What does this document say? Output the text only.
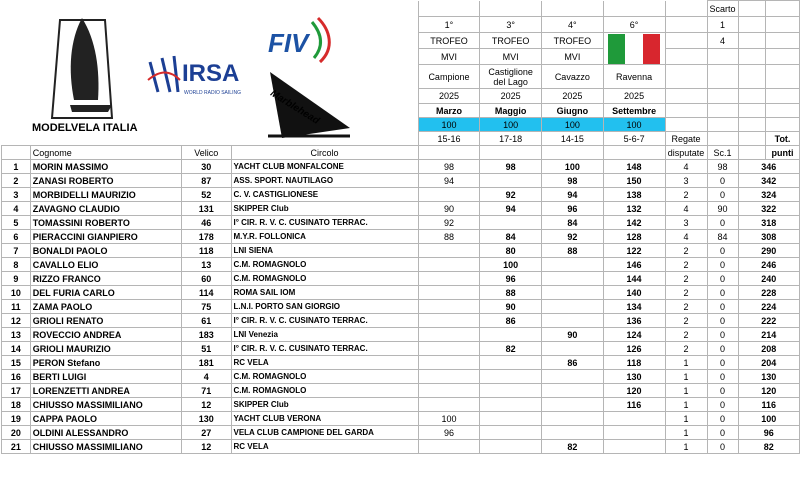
									Scarto		
				1°	3°	4°	6°		1		
				TROFEO	TROFEO	TROFEO			4		
				MVI	MVI	MVI					
				Campione	Castiglione del Lago	Cavazzo	Ravenna				
				2025	2025	2025	2025				
				Marzo	Maggio	Giugno	Settembre				
				100	100	100	100				
				15-16	17-18	14-15	5-6-7	Regate			Tot.
	Cognome	Velico	Circolo					disputate	Sc.1		punti
1	MORIN MASSIMO	30	YACHT CLUB MONFALCONE	98	98	100	148	4	98	346	
2	ZANASI ROBERTO	87	ASS. SPORT. NAUTILAGO	94		98	150	3	0	342	
3	MORBIDELLI MAURIZIO	52	C. V. CASTIGLIONESE		92	94	138	2	0	324	
4	ZAVAGNO CLAUDIO	131	SKIPPER Club	90	94	96	132	4	90	322	
5	TOMASSINI ROBERTO	46	I° CIR. R. V. C. CUSINATO TERRAC.	92		84	142	3	0	318	
6	PIERACCINI GIANPIERO	178	M.Y.R. FOLLONICA	88	84	92	128	4	84	308	
7	BONALDI PAOLO	118	LNI SIENA		80	88	122	2	0	290	
8	CAVALLO ELIO	13	C.M. ROMAGNOLO		100		146	2	0	246	
9	RIZZO FRANCO	60	C.M. ROMAGNOLO		96		144	2	0	240	
10	DEL FURIA CARLO	114	ROMA SAIL IOM		88		140	2	0	228	
11	ZAMA PAOLO	75	L.N.I. PORTO SAN GIORGIO		90		134	2	0	224	
12	GRIOLI RENATO	61	I° CIR. R. V. C. CUSINATO TERRAC.		86		136	2	0	222	
13	ROVECCIO ANDREA	183	LNI Venezia			90	124	2	0	214	
14	GRIOLI MAURIZIO	51	I° CIR. R. V. C. CUSINATO TERRAC.		82		126	2	0	208	
15	PERON Stefano	181	RC VELA			86	118	1	0	204	
16	BERTI LUIGI	4	C.M. ROMAGNOLO				130	1	0	130	
17	LORENZETTI ANDREA	71	C.M. ROMAGNOLO				120	1	0	120	
18	CHIUSSO MASSIMILIANO	12	SKIPPER Club				116	1	0	116	
19	CAPPA PAOLO	130	YACHT CLUB VERONA	100				1	0	100	
20	OLDINI ALESSANDRO	27	VELA CLUB CAMPIONE DEL GARDA	96				1	0	96	
21	CHIUSSO MASSIMILIANO	12	RC VELA			82		1	0	82	
MODELVELA ITALIA
IRSA
WORLD RADIO SAILING
FIV
Marblehead
